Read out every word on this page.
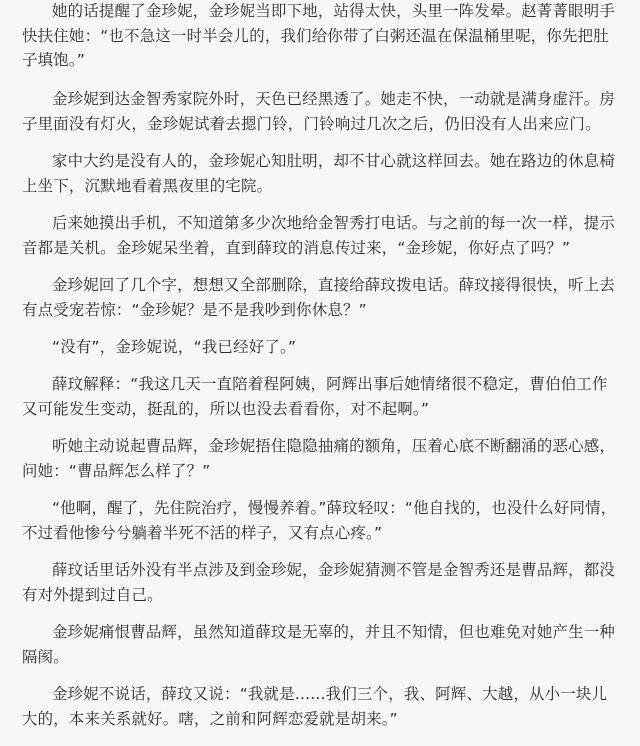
她的话提醒了金珍妮，金珍妮当即下地，站得太快，头里一阵发晕。赵菁菁眼明手快扶住她：“也不急这一时半会儿的，我们给你带了白粥还温在保温桶里呢，你先把肚子填饱。”

金珍妮到达金智秀家院外时，天色已经黑透了。她走不快，一动就是满身虚汗。房子里面没有灯火，金珍妮试着去摁门铃，门铃响过几次之后，仍旧没有人出来应门。

家中大约是没有人的，金珍妮心知肚明，却不甘心就这样回去。她在路边的休息椅上坐下，沉默地看着黑夜里的宅院。

后来她摸出手机，不知道第多少次地给金智秀打电话。与之前的每一次一样，提示音都是关机。金珍妮呆坐着，直到薛玟的消息传过来，“金珍妮，你好点了吗？”

金珍妮回了几个字，想想又全部删除，直接给薛玟拨电话。薛玟接得很快，听上去有点受宠若惊：“金珍妮？是不是我吵到你休息？”

“没有”，金珍妮说，“我已经好了。”

薛玟解释：“我这几天一直陪着程阿姨，阿辉出事后她情绪很不稳定，曹伯伯工作又可能发生变动，挺乱的，所以也没去看看你，对不起啊。”

听她主动说起曹品辉，金珍妮捂住隐隐抽痛的额角，压着心底不断翻涌的恶心感，问她：“曹品辉怎么样了？”

“他啊，醒了，先住院治疗，慢慢养着。”薛玟轻叹：“他自找的，也没什么好同情，不过看他惨兮兮躺着半死不活的样子，又有点心疼。”

薛玟话里话外没有半点涉及到金珍妮，金珍妮猜测不管是金智秀还是曹品辉，都没有对外提到过自己。

金珍妮痛恨曹品辉，虽然知道薛玟是无辜的，并且不知情，但也难免对她产生一种隔阂。

金珍妮不说话，薛玟又说：“我就是......我们三个，我、阿辉、大越，从小一块儿大的，本来关系就好。嗐，之前和阿辉恋爱就是胡来。”
